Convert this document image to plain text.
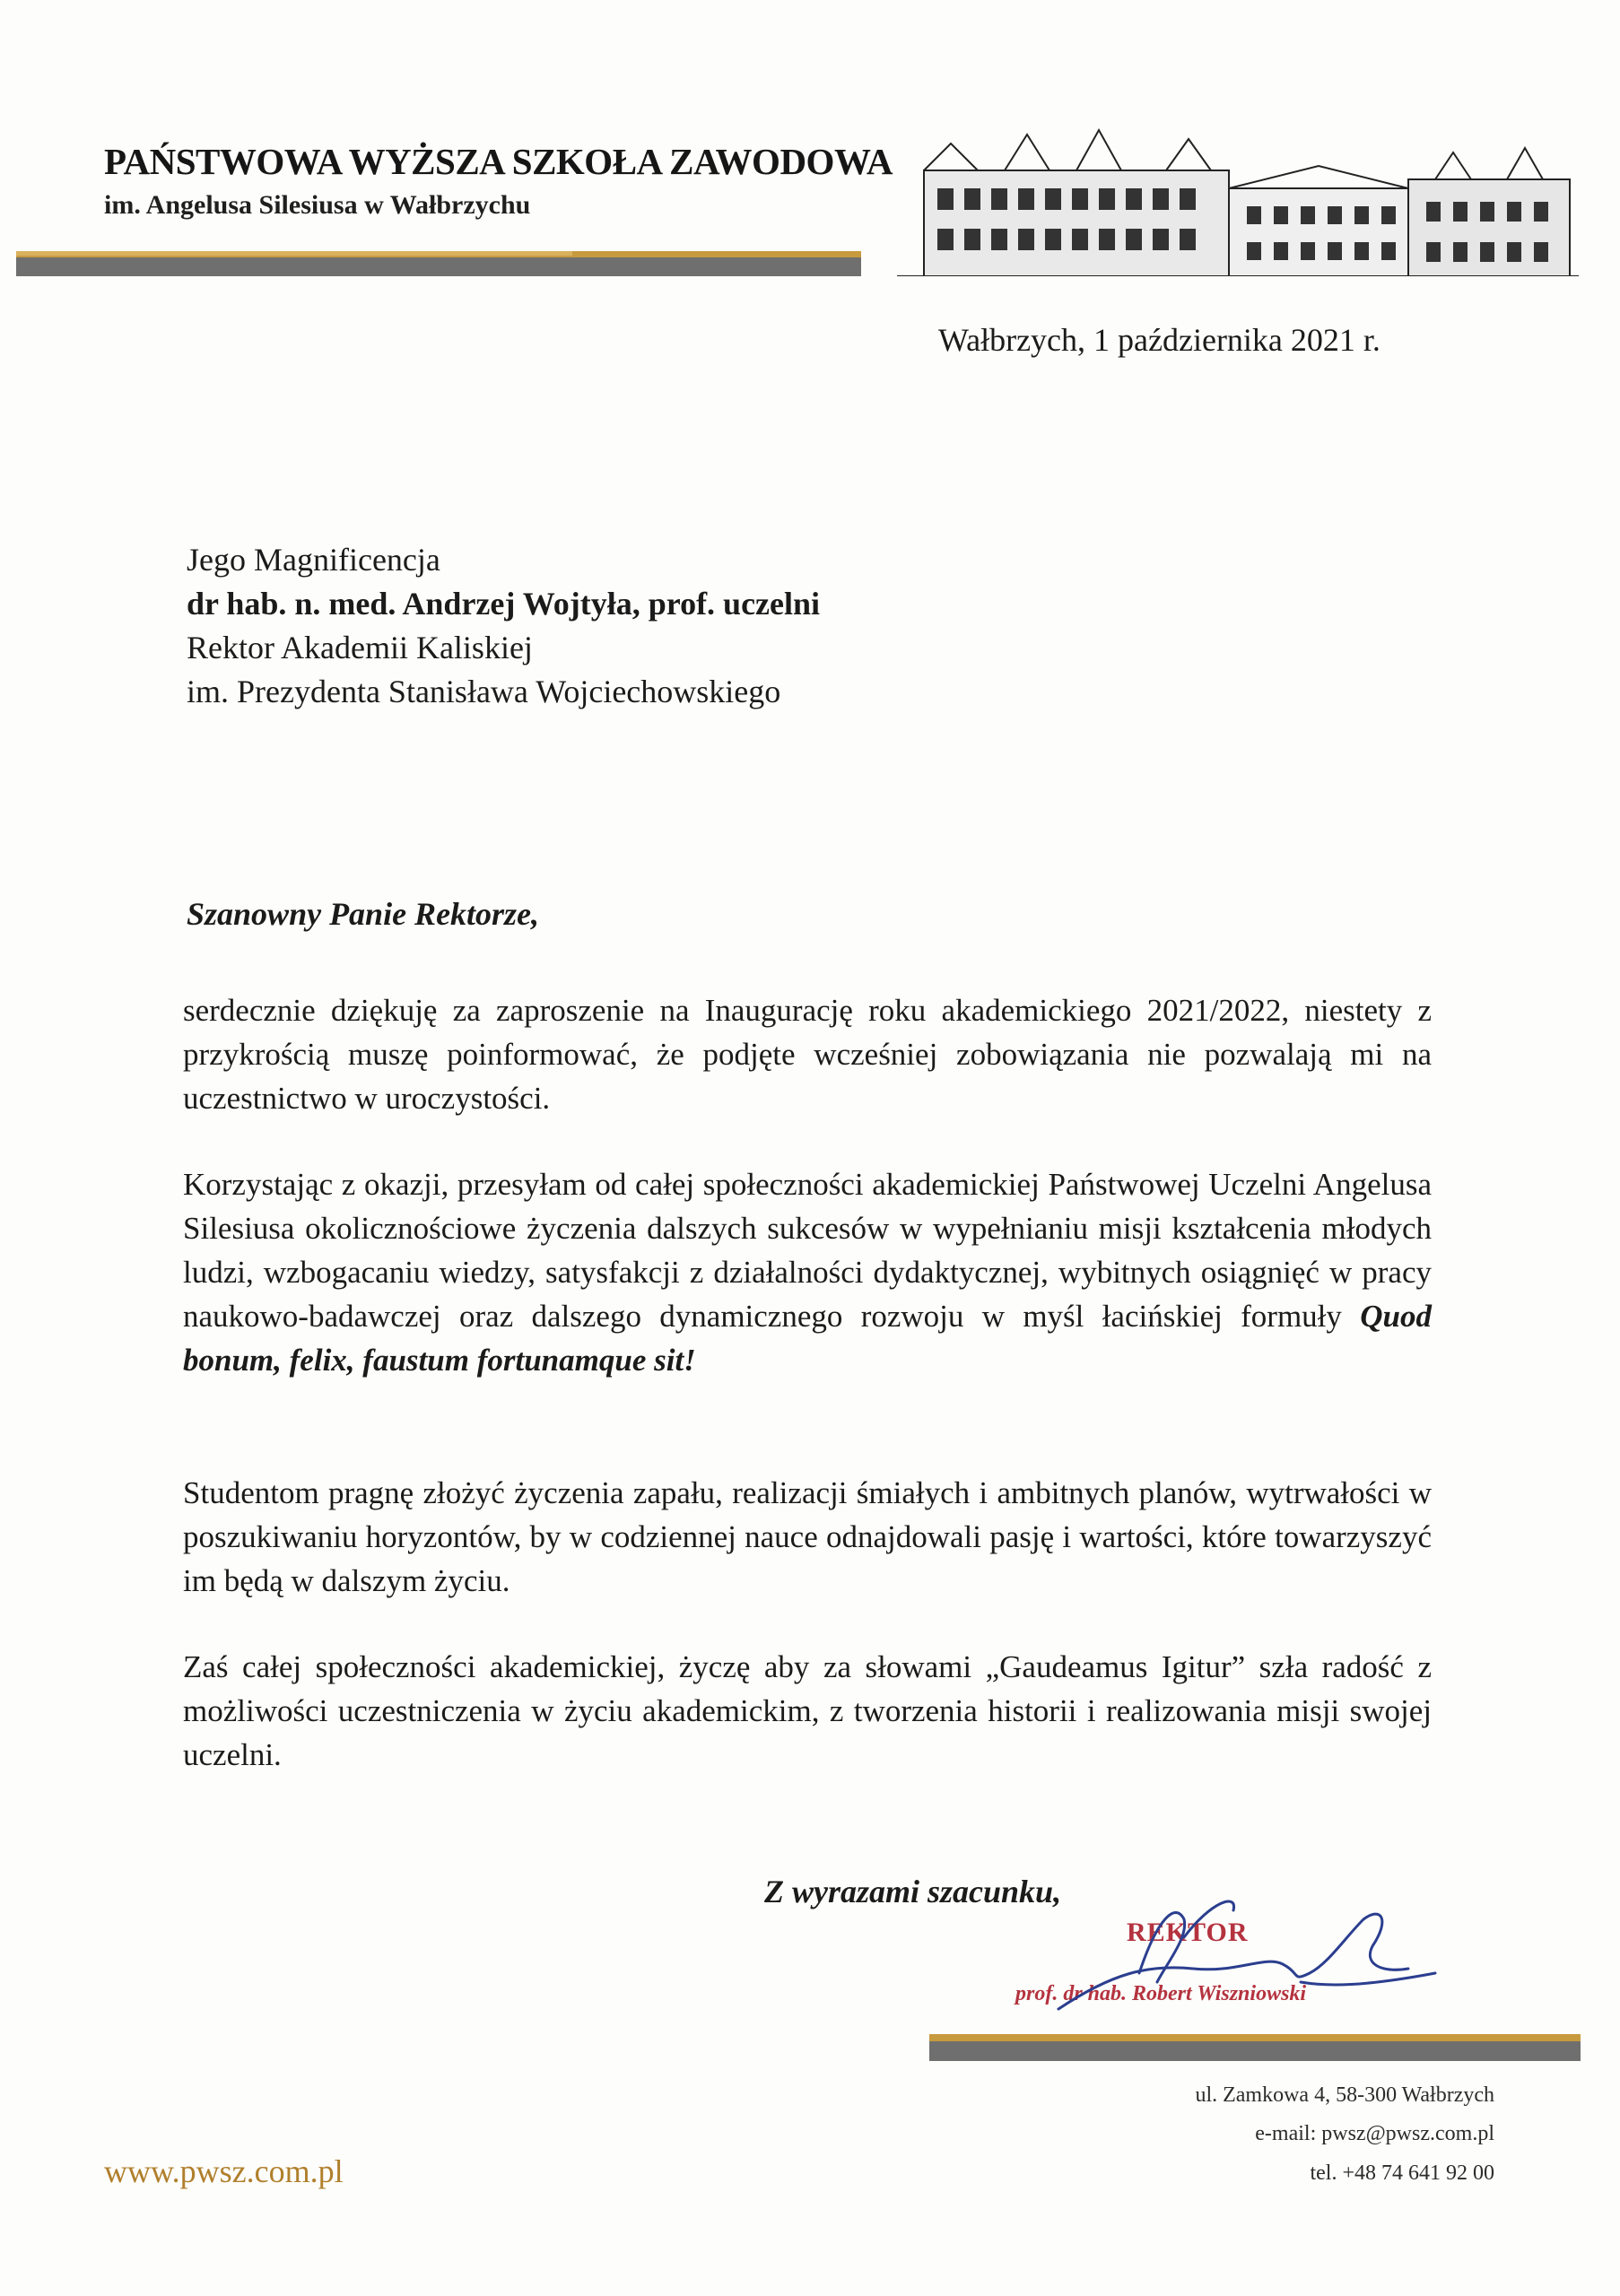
PAŃSTWOWA WYŻSZA SZKOŁA ZAWODOWA
im. Angelusa Silesiusa w Wałbrzychu
Wałbrzych, 1 października 2021 r.
Jego Magnificencja
dr hab. n. med. Andrzej Wojtyła, prof. uczelni
Rektor Akademii Kaliskiej
im. Prezydenta Stanisława Wojciechowskiego
Szanowny Panie Rektorze,

serdecznie dziękuję za zaproszenie na Inaugurację roku akademickiego 2021/2022, niestety z przykrością muszę poinformować, że podjęte wcześniej zobowiązania nie pozwalają mi na uczestnictwo w uroczystości.

Korzystając z okazji, przesyłam od całej społeczności akademickiej Państwowej Uczelni Angelusa Silesiusa okolicznościowe życzenia dalszych sukcesów w wypełnianiu misji kształcenia młodych ludzi, wzbogacaniu wiedzy, satysfakcji z działalności dydaktycznej, wybitnych osiągnięć w pracy naukowo-badawczej oraz dalszego dynamicznego rozwoju w myśl łacińskiej formuły Quod bonum, felix, faustum fortunamque sit!

Studentom pragnę złożyć życzenia zapału, realizacji śmiałych i ambitnych planów, wytrwałości w poszukiwaniu horyzontów, by w codziennej nauce odnajdowali pasję i wartości, które towarzyszyć im będą w dalszym życiu.

Zaś całej społeczności akademickiej, życzę aby za słowami „Gaudeamus Igitur” szła radość z możliwości uczestniczenia w życiu akademickim, z tworzenia historii i realizowania misji swojej uczelni.

Z wyrazami szacunku,
REKTOR
prof. dr hab. Robert Wiszniowski
ul. Zamkowa 4, 58-300 Wałbrzych
e-mail: pwsz@pwsz.com.pl
tel. +48 74 641 92 00
www.pwsz.com.pl
